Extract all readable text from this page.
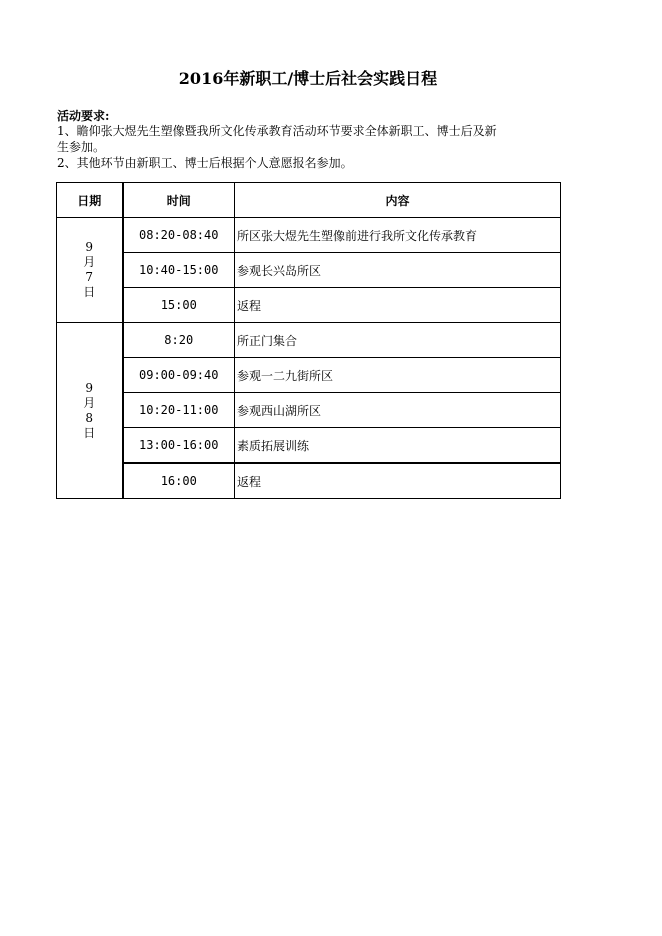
2016年新职工/博士后社会实践日程
活动要求:
1、瞻仰张大煜先生塑像暨我所文化传承教育活动环节要求全体新职工、博士后及新
生参加。
2、其他环节由新职工、博士后根据个人意愿报名参加。
日期	时间	内容

9
月
7
日	08:20-08:40	所区张大煜先生塑像前进行我所文化传承教育
	10:40-15:00	参观长兴岛所区
	15:00	返程

9
月
8
日	8:20	所正门集合
	09:00-09:40	参观一二九街所区
	10:20-11:00	参观西山湖所区
	13:00-16:00	素质拓展训练
	16:00	返程
